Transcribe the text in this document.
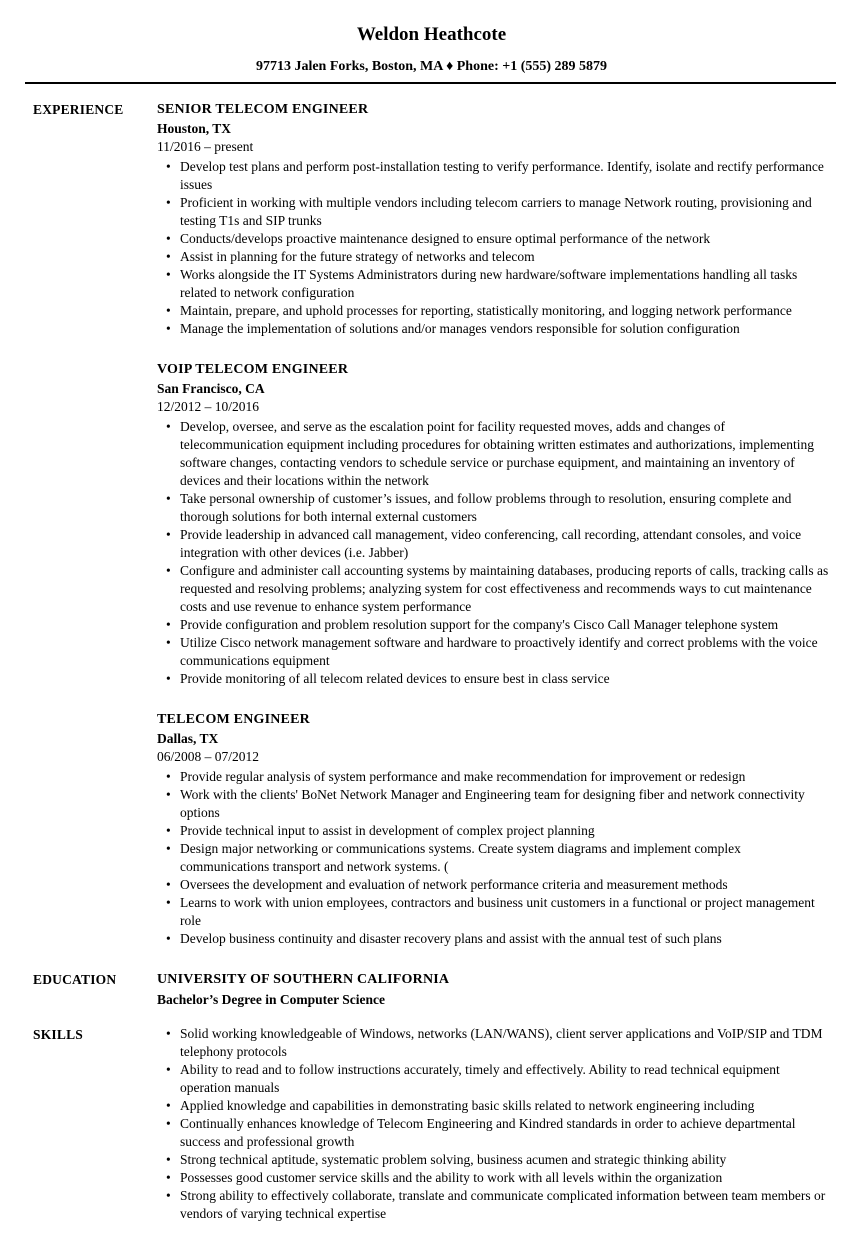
Weldon Heathcote
97713 Jalen Forks, Boston, MA ♦ Phone: +1 (555) 289 5879
EXPERIENCE	SENIOR TELECOM ENGINEER
Houston, TX
11/2016 – present
• Develop test plans and perform post-installation testing to verify performance. Identify, isolate and rectify performance issues
• Proficient in working with multiple vendors including telecom carriers to manage Network routing, provisioning and testing T1s and SIP trunks
• Conducts/develops proactive maintenance designed to ensure optimal performance of the network
• Assist in planning for the future strategy of networks and telecom
• Works alongside the IT Systems Administrators during new hardware/software implementations handling all tasks related to network configuration
• Maintain, prepare, and uphold processes for reporting, statistically monitoring, and logging network performance
• Manage the implementation of solutions and/or manages vendors responsible for solution configuration
VOIP TELECOM ENGINEER
San Francisco, CA
12/2012 – 10/2016
• Develop, oversee, and serve as the escalation point for facility requested moves, adds and changes of telecommunication equipment including procedures for obtaining written estimates and authorizations, implementing software changes, contacting vendors to schedule service or purchase equipment, and maintaining an inventory of devices and their locations within the network
• Take personal ownership of customer’s issues, and follow problems through to resolution, ensuring complete and thorough solutions for both internal external customers
• Provide leadership in advanced call management, video conferencing, call recording, attendant consoles, and voice integration with other devices (i.e. Jabber)
• Configure and administer call accounting systems by maintaining databases, producing reports of calls, tracking calls as requested and resolving problems; analyzing system for cost effectiveness and recommends ways to cut maintenance costs and use revenue to enhance system performance
• Provide configuration and problem resolution support for the company's Cisco Call Manager telephone system
• Utilize Cisco network management software and hardware to proactively identify and correct problems with the voice communications equipment
• Provide monitoring of all telecom related devices to ensure best in class service
TELECOM ENGINEER
Dallas, TX
06/2008 – 07/2012
• Provide regular analysis of system performance and make recommendation for improvement or redesign
• Work with the clients' BoNet Network Manager and Engineering team for designing fiber and network connectivity options
• Provide technical input to assist in development of complex project planning
• Design major networking or communications systems. Create system diagrams and implement complex communications transport and network systems. (
• Oversees the development and evaluation of network performance criteria and measurement methods
• Learns to work with union employees, contractors and business unit customers in a functional or project management role
• Develop business continuity and disaster recovery plans and assist with the annual test of such plans
EDUCATION	UNIVERSITY OF SOUTHERN CALIFORNIA
Bachelor’s Degree in Computer Science
SKILLS	• Solid working knowledgeable of Windows, networks (LAN/WANS), client server applications and VoIP/SIP and TDM telephony protocols
• Ability to read and to follow instructions accurately, timely and effectively. Ability to read technical equipment operation manuals
• Applied knowledge and capabilities in demonstrating basic skills related to network engineering including
• Continually enhances knowledge of Telecom Engineering and Kindred standards in order to achieve departmental success and professional growth
• Strong technical aptitude, systematic problem solving, business acumen and strategic thinking ability
• Possesses good customer service skills and the ability to work with all levels within the organization
• Strong ability to effectively collaborate, translate and communicate complicated information between team members or vendors of varying technical expertise
